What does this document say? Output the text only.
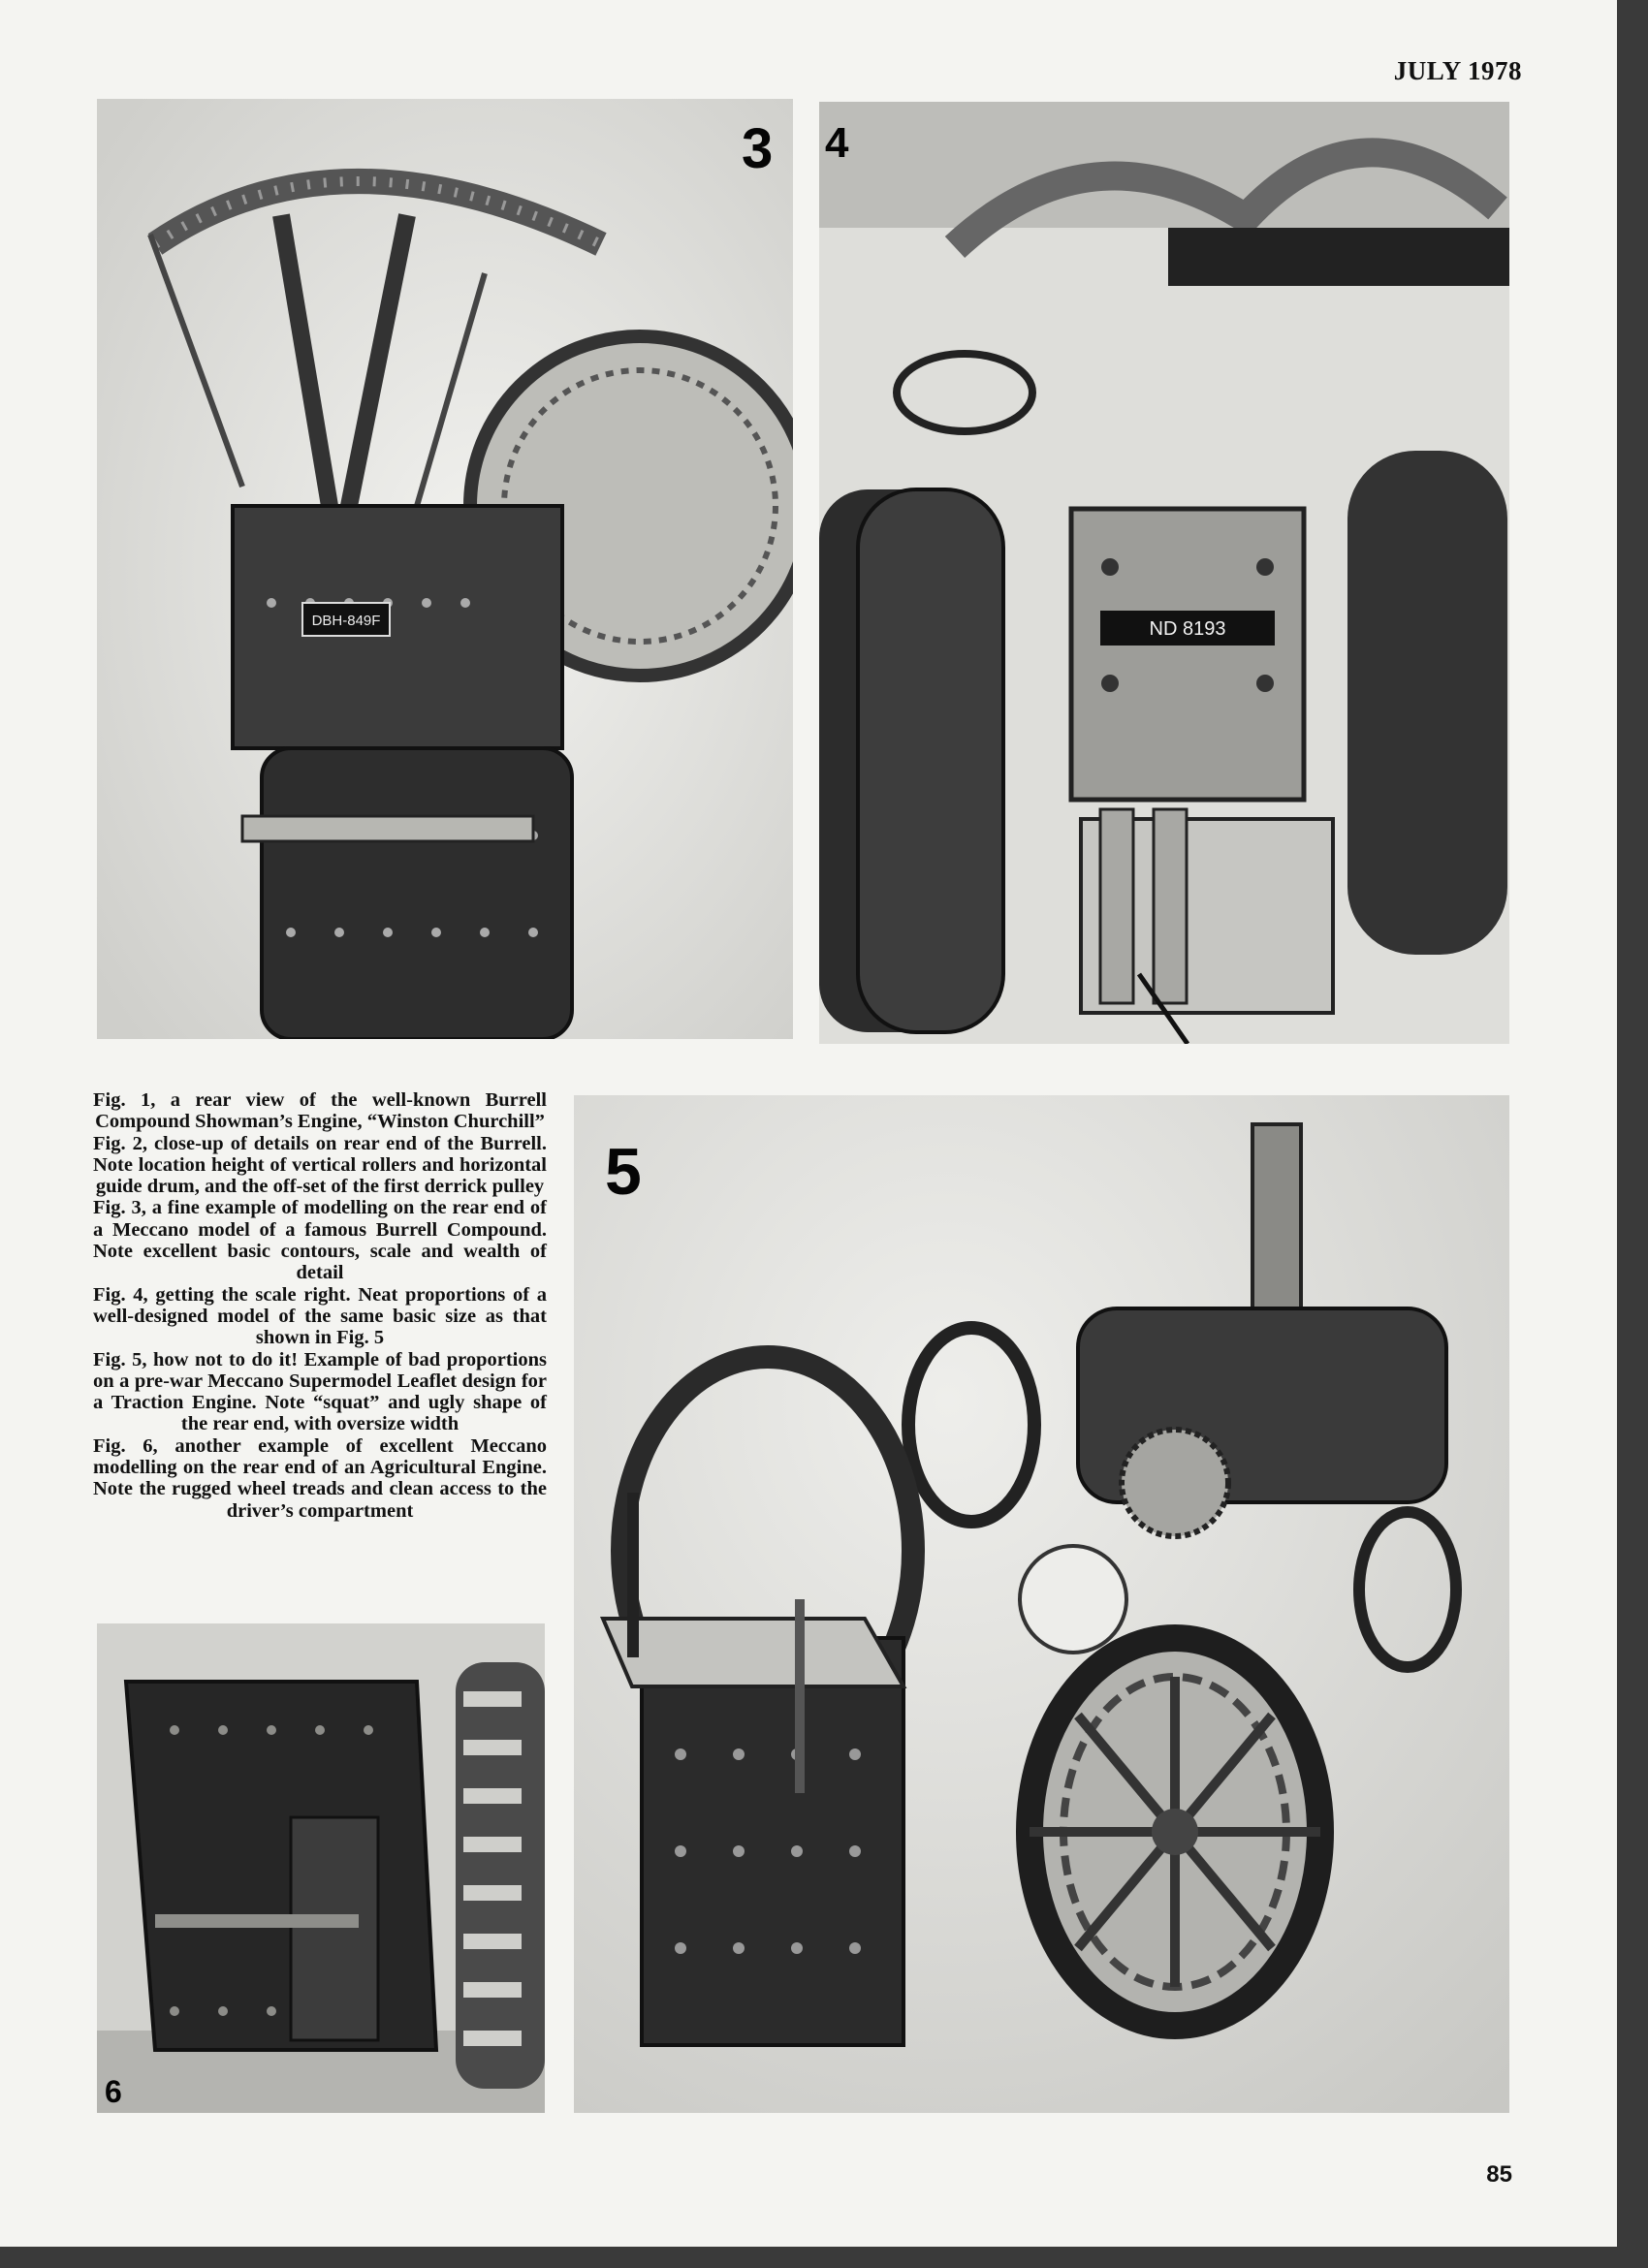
JULY 1978
DBH-849F
3
ND 8193
4

Fig. 1, a rear view of the well-known Burrell Compound Showman’s Engine, “Winston Churchill”

Fig. 2, close-up of details on rear end of the Burrell. Note location height of vertical rollers and horizontal guide drum, and the off-set of the first derrick pulley

Fig. 3, a fine example of modelling on the rear end of a Meccano model of a famous Burrell Compound. Note excellent basic contours, scale and wealth of detail

Fig. 4, getting the scale right. Neat proportions of a well-designed model of the same basic size as that shown in Fig. 5

Fig. 5, how not to do it! Example of bad proportions on a pre-war Meccano Supermodel Leaflet design for a Traction Engine. Note “squat” and ugly shape of the rear end, with oversize width

Fig. 6, another example of excellent Meccano modelling on the rear end of an Agricultural Engine. Note the rugged wheel treads and clean access to the driver’s compartment

5
6
85
